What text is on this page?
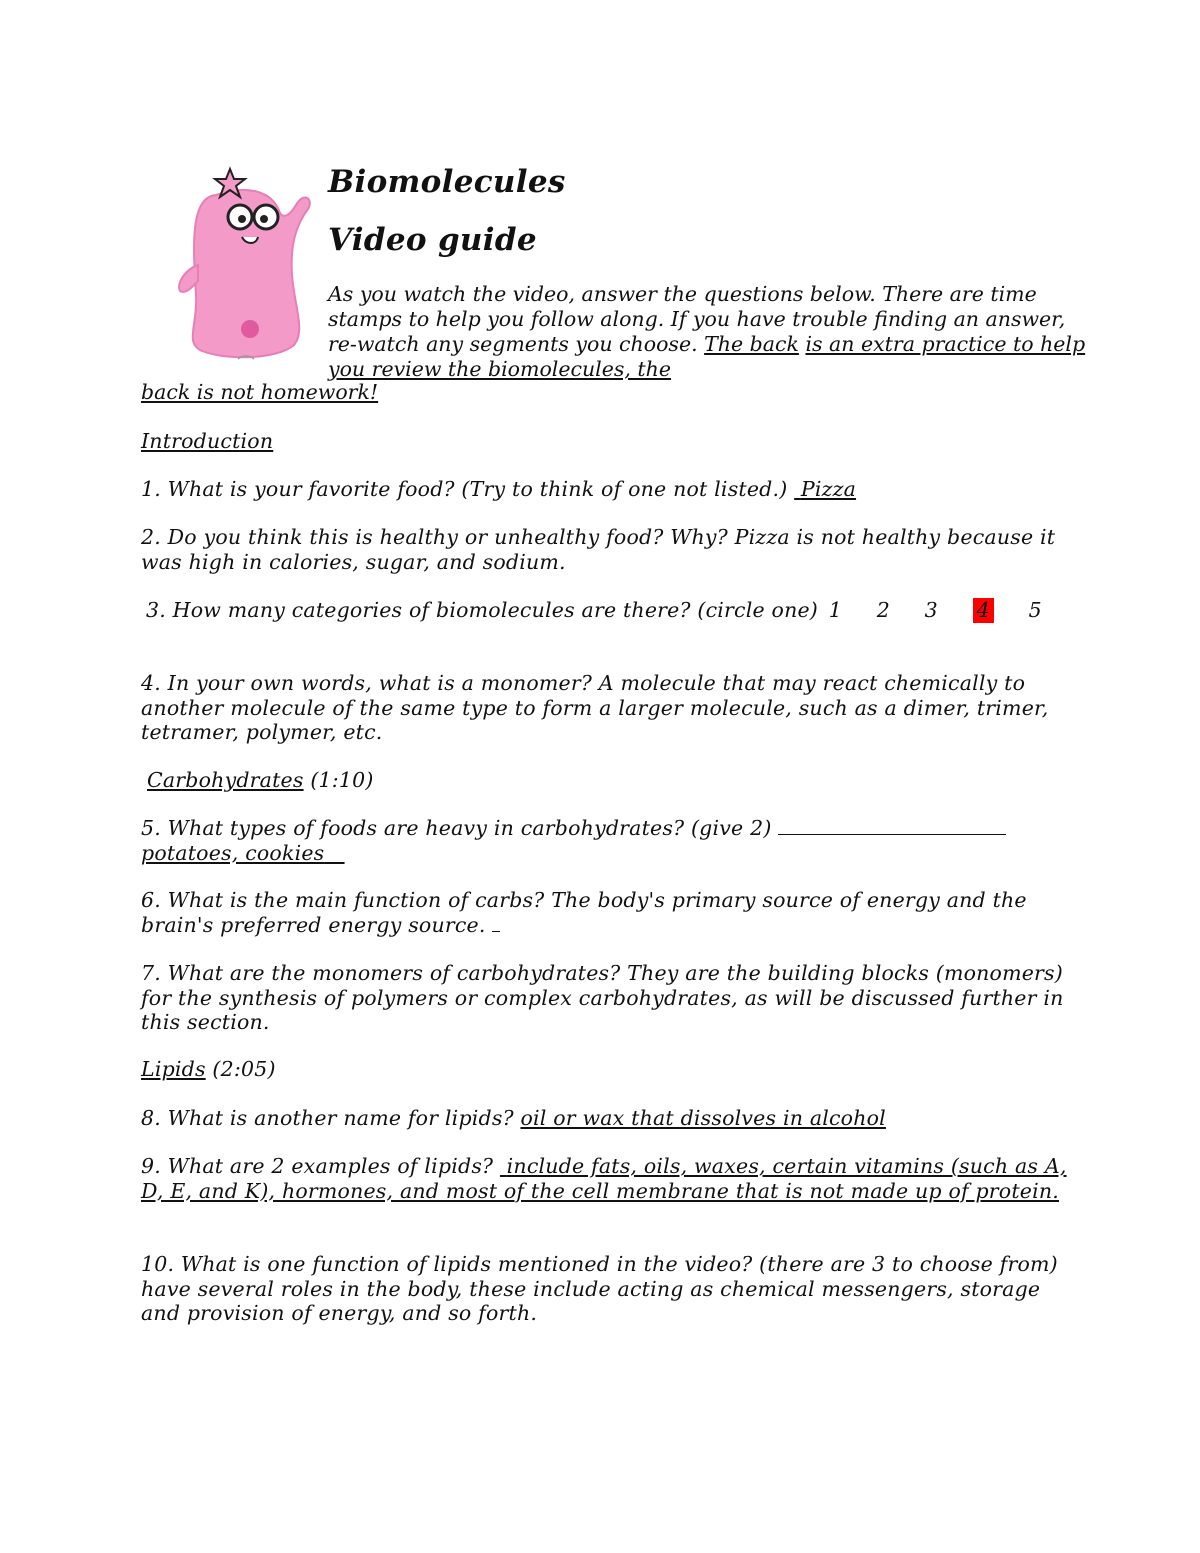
Biomolecules
Video guide
As you watch the video, answer the questions below. There are time stamps to help you follow along. If you have trouble finding an answer, re-watch any segments you choose. The back is an extra practice to help you review the biomolecules, the
back is not homework!
Introduction
1. What is your favorite food? (Try to think of one not listed.) Pizza
2. Do you think this is healthy or unhealthy food? Why? Pizza is not healthy because it was high in calories, sugar, and sodium.
3. How many categories of biomolecules are there? (circle one) 1 2 3 4 5
4. In your own words, what is a monomer? A molecule that may react chemically to another molecule of the same type to form a larger molecule, such as a dimer, trimer, tetramer, polymer, etc.
Carbohydrates (1:10)
5. What types of foods are heavy in carbohydrates? (give 2)
potatoes, cookies
6. What is the main function of carbs? The body's primary source of energy and the brain's preferred energy source.
7. What are the monomers of carbohydrates? They are the building blocks (monomers) for the synthesis of polymers or complex carbohydrates, as will be discussed further in this section.
Lipids (2:05)
8. What is another name for lipids? oil or wax that dissolves in alcohol
9. What are 2 examples of lipids? include fats, oils, waxes, certain vitamins (such as A, D, E, and K), hormones, and most of the cell membrane that is not made up of protein.
10. What is one function of lipids mentioned in the video? (there are 3 to choose from) have several roles in the body, these include acting as chemical messengers, storage and provision of energy, and so forth.
